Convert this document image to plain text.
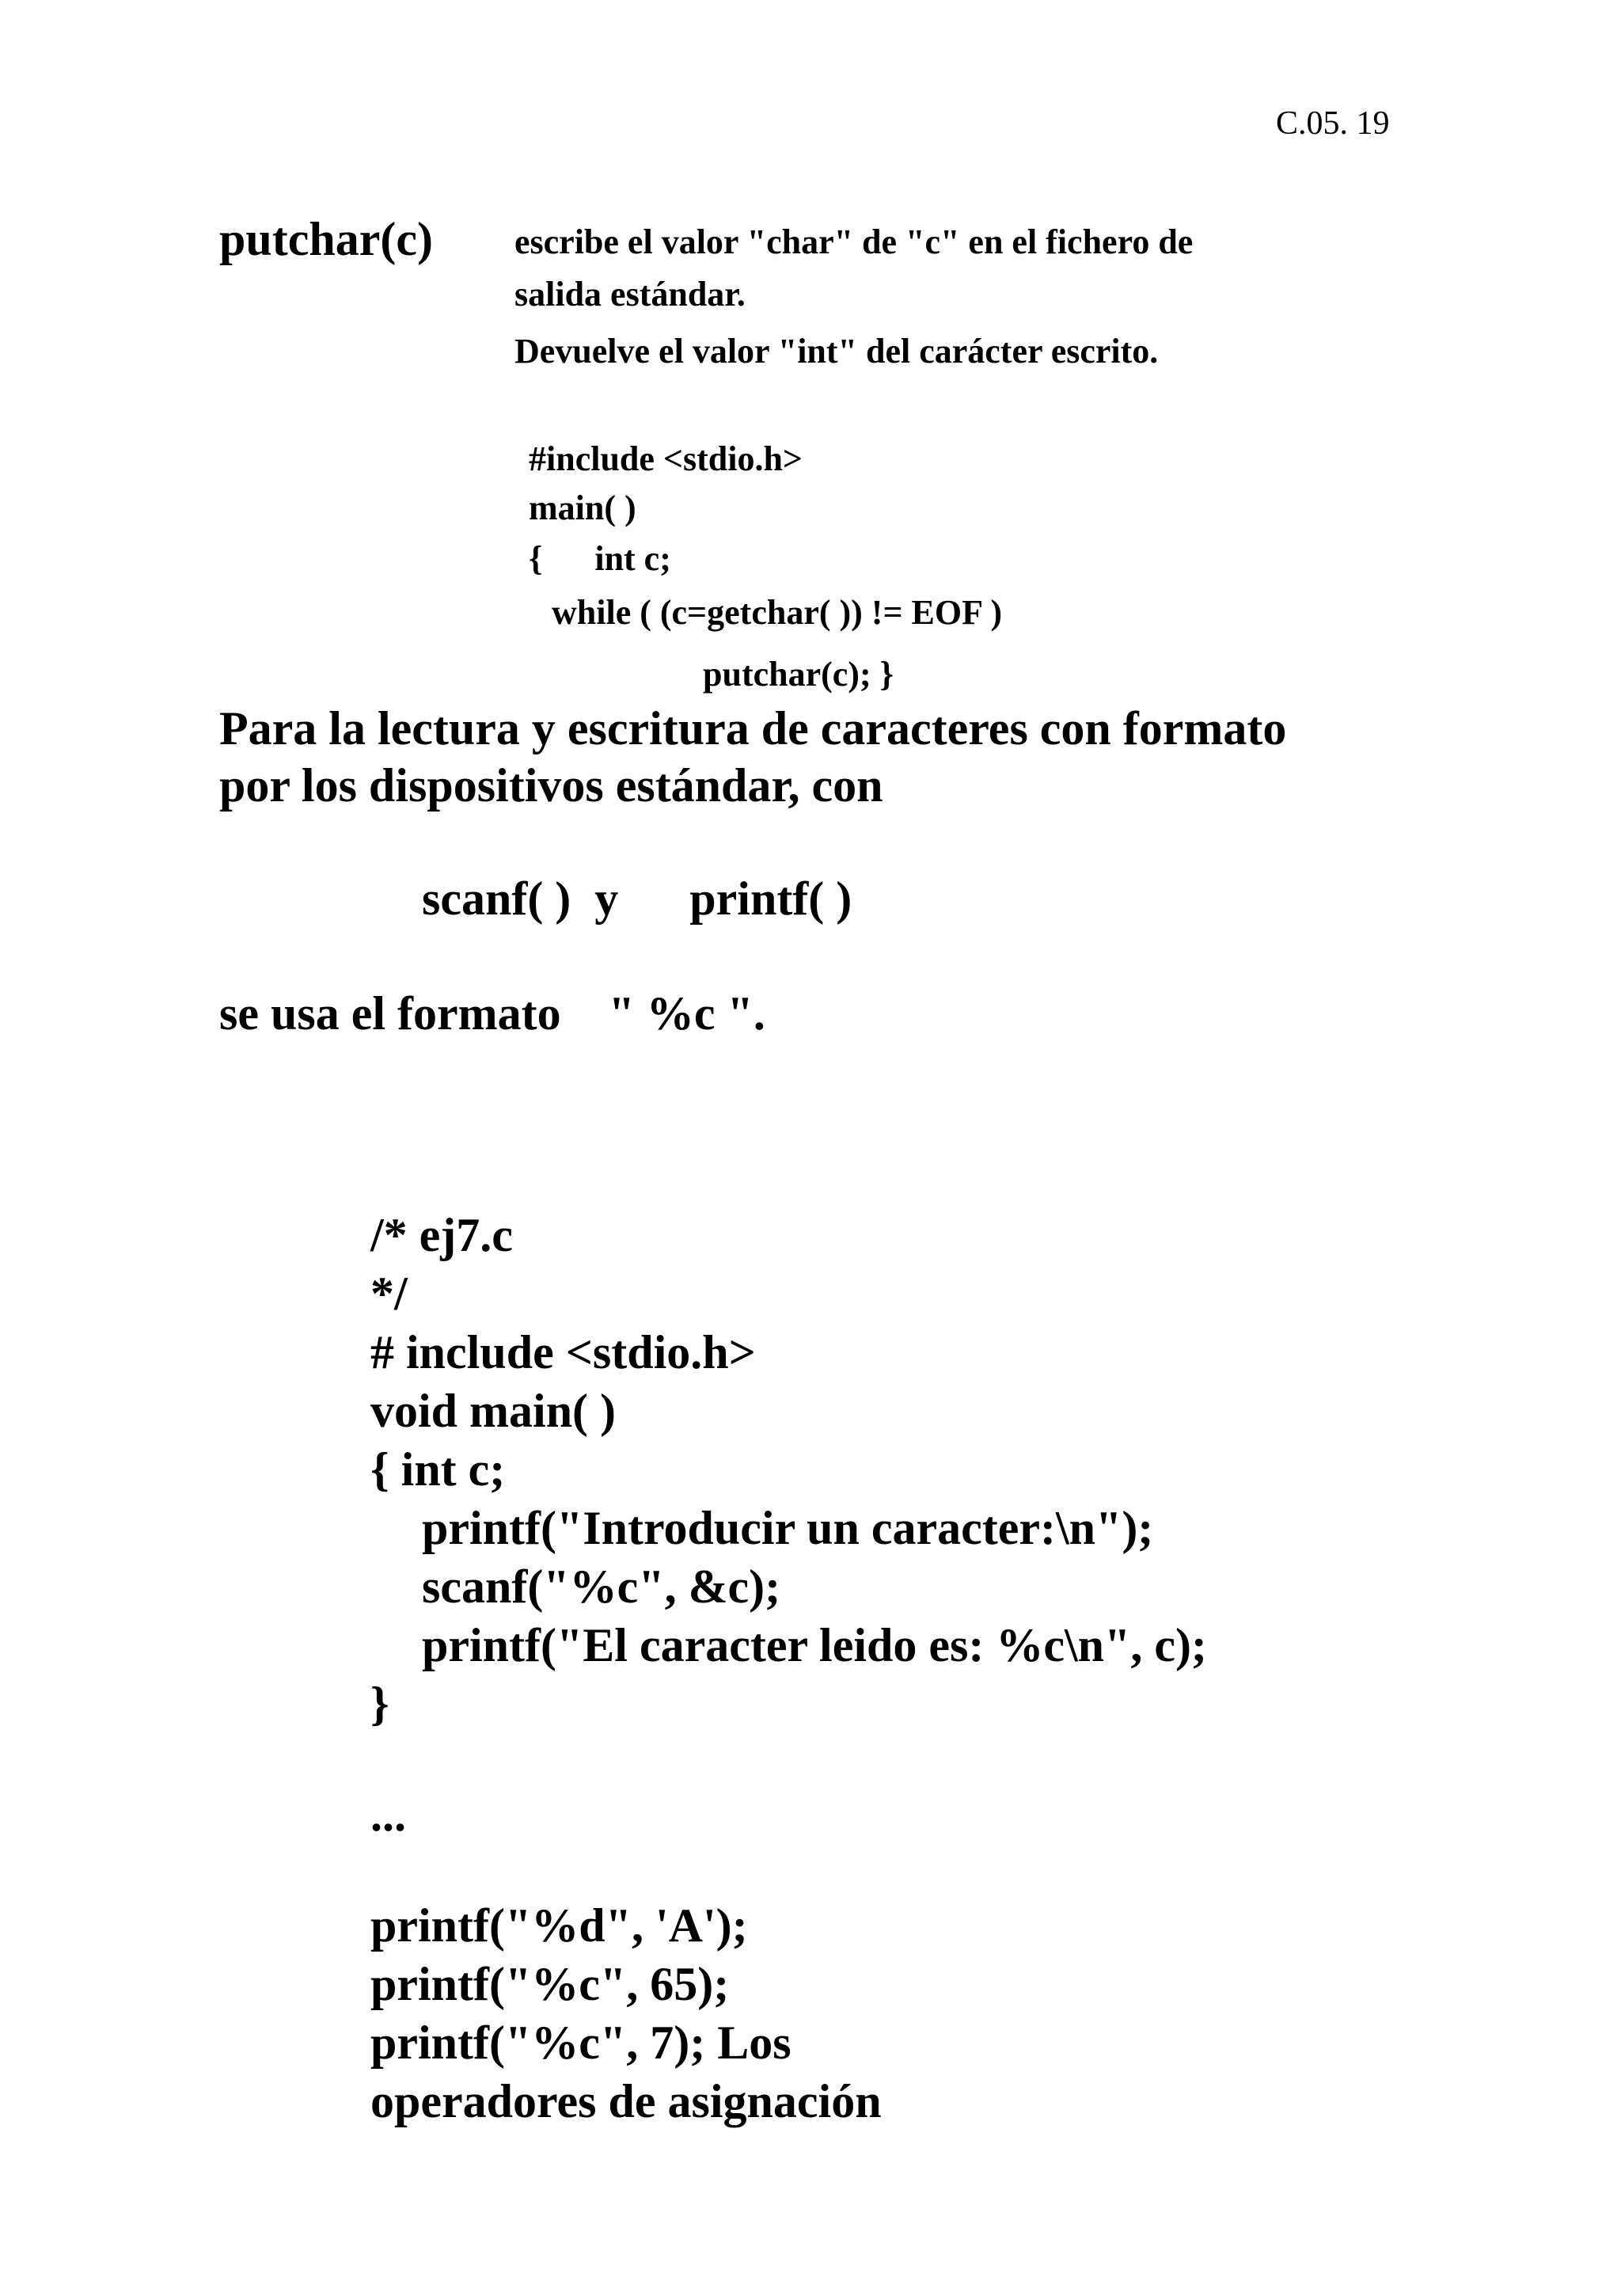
C.05. 19
putchar(c) escribe el valor "char" de "c" en el fichero de
salida estándar.
Devuelve el valor "int" del carácter escrito.
#include <stdio.h>
main( )
{      int c;
while ( (c=getchar( )) != EOF )
putchar(c); }
Para la lectura y escritura de caracteres con formato
por los dispositivos estándar, con
scanf( )  y      printf( )
se usa el formato    " %c ".
/* ej7.c
*/
# include <stdio.h>
void main( )
{ int c;
printf("Introducir un caracter:\n");
scanf("%c", &c);
printf("El caracter leido es: %c\n", c);
}
...
printf("%d", 'A');
printf("%c", 65);
printf("%c", 7); Los
operadores de asignación
